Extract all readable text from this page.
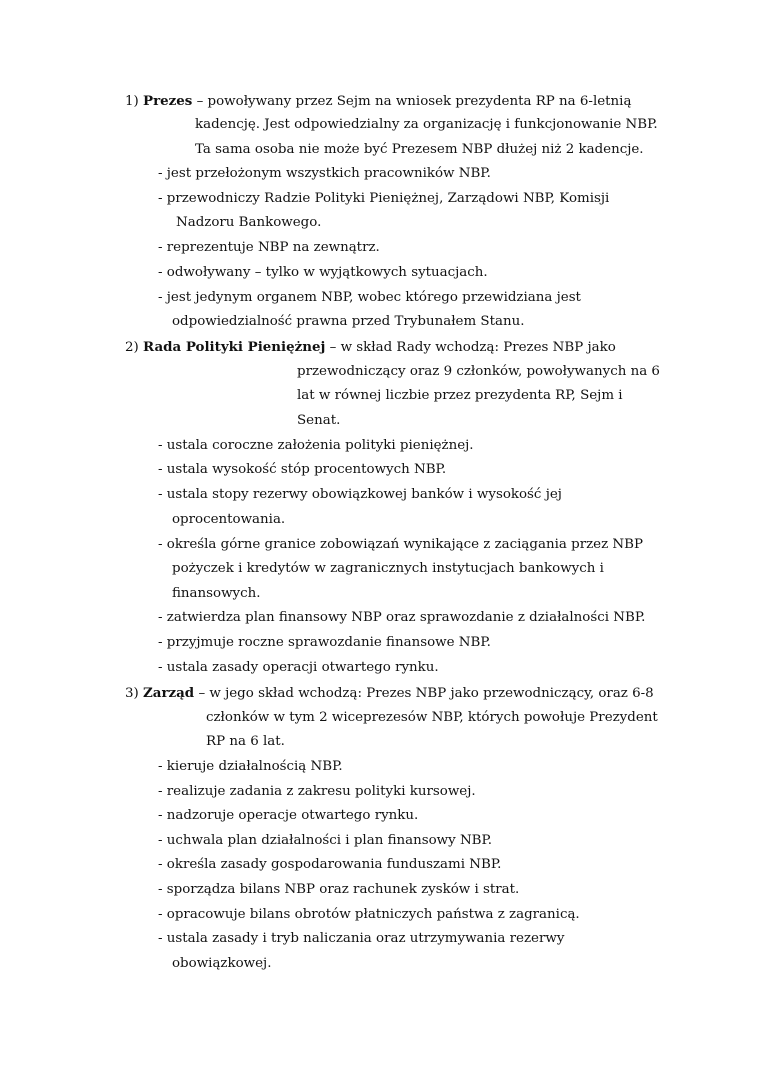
1) Prezes – powoływany przez Sejm na wniosek prezydenta RP na 6-letnią
kadencję. Jest odpowiedzialny za organizację i funkcjonowanie NBP.
Ta sama osoba nie może być Prezesem NBP dłużej niż 2 kadencje.
- jest przełożonym wszystkich pracowników NBP.
- przewodniczy Radzie Polityki Pieniężnej, Zarządowi NBP, Komisji
Nadzoru Bankowego.
- reprezentuje NBP na zewnątrz.
- odwoływany – tylko w wyjątkowych sytuacjach.
- jest jedynym organem NBP, wobec którego przewidziana jest
odpowiedzialność prawna przed Trybunałem Stanu.
2) Rada Polityki Pieniężnej – w skład Rady wchodzą: Prezes NBP jako
przewodniczący oraz 9 członków, powoływanych na 6
lat w równej liczbie przez prezydenta RP, Sejm i
Senat.
- ustala coroczne założenia polityki pieniężnej.
- ustala wysokość stóp procentowych NBP.
- ustala stopy rezerwy obowiązkowej banków i wysokość jej
oprocentowania.
- określa górne granice zobowiązań wynikające z zaciągania przez NBP
pożyczek i kredytów w zagranicznych instytucjach bankowych i
finansowych.
- zatwierdza plan finansowy NBP oraz sprawozdanie z działalności NBP.
- przyjmuje roczne sprawozdanie finansowe NBP.
- ustala zasady operacji otwartego rynku.
3) Zarząd – w jego skład wchodzą: Prezes NBP jako przewodniczący, oraz 6-8
członków w tym 2 wiceprezesów NBP, których powołuje Prezydent
RP na 6 lat.
- kieruje działalnością NBP.
- realizuje zadania z zakresu polityki kursowej.
- nadzoruje operacje otwartego rynku.
- uchwala plan działalności i plan finansowy NBP.
- określa zasady gospodarowania funduszami NBP.
- sporządza bilans NBP oraz rachunek zysków i strat.
- opracowuje bilans obrotów płatniczych państwa z zagranicą.
- ustala zasady i tryb naliczania oraz utrzymywania rezerwy
obowiązkowej.
